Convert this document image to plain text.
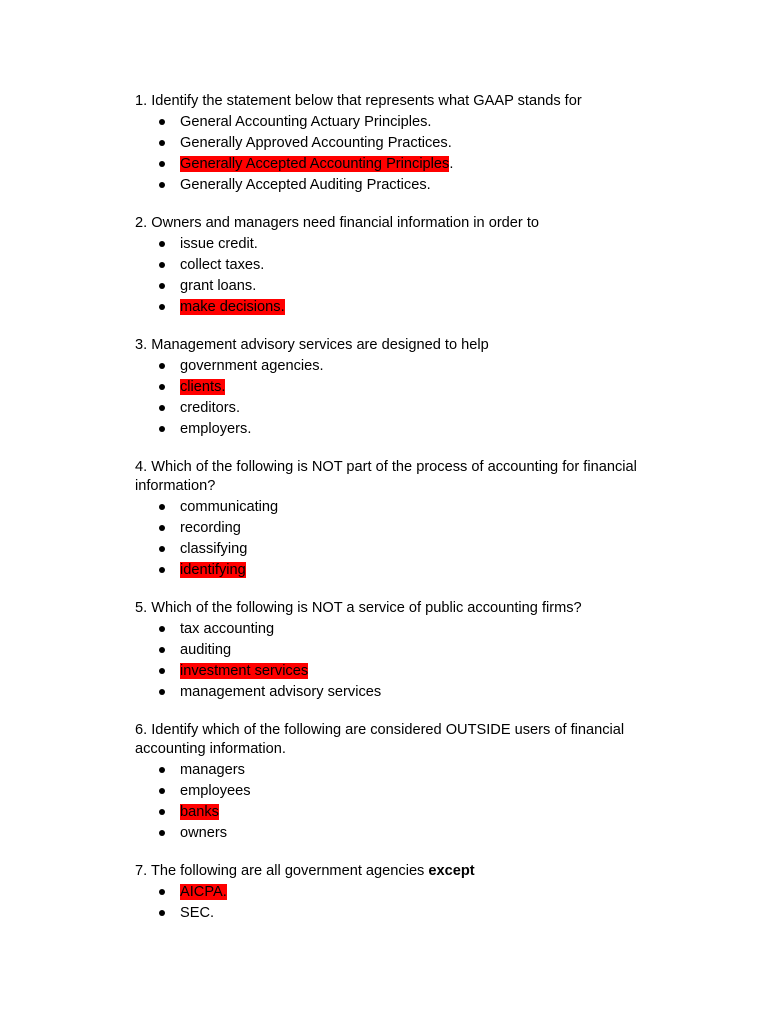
1. Identify the statement below that represents what GAAP stands for

General Accounting Actuary Principles.
Generally Approved Accounting Practices.
Generally Accepted Accounting Principles.
Generally Accepted Auditing Practices.

2. Owners and managers need financial information in order to

issue credit.
collect taxes.
grant loans.
make decisions.

3. Management advisory services are designed to help

government agencies.
clients.
creditors.
employers.

4. Which of the following is NOT part of the process of accounting for financial information?

communicating
recording
classifying
identifying

5. Which of the following is NOT a service of public accounting firms?

tax accounting
auditing
investment services
management advisory services

6. Identify which of the following are considered OUTSIDE users of financial accounting information.

managers
employees
banks
owners

7. The following are all government agencies except

AICPA.
SEC.
